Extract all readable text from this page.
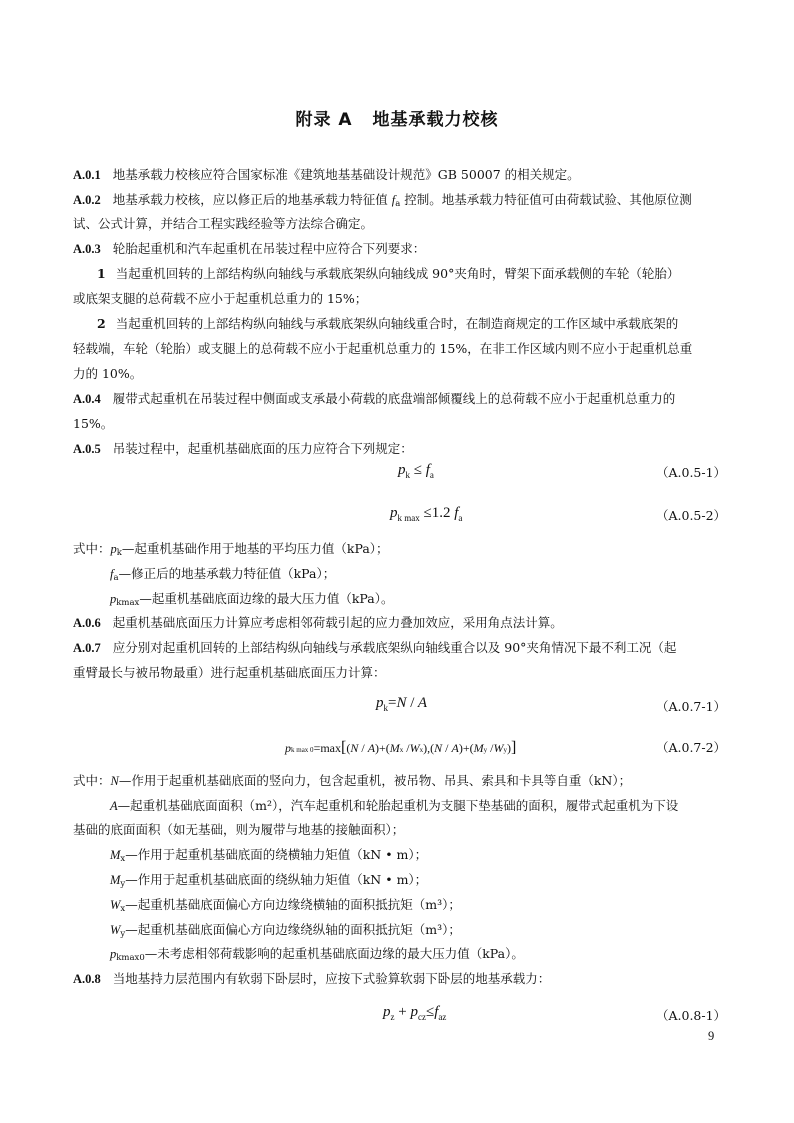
附录 A 地基承载力校核
A.0.1 地基承载力校核应符合国家标准《建筑地基基础设计规范》GB 50007 的相关规定。
A.0.2 地基承载力校核，应以修正后的地基承载力特征值 $f_a$ 控制。地基承载力特征值可由荷载试验、其他原位测
试、公式计算，并结合工程实践经验等方法综合确定。
A.0.3 轮胎起重机和汽车起重机在吊装过程中应符合下列要求：
1 当起重机回转的上部结构纵向轴线与承载底架纵向轴线成 90°夹角时，臂架下面承载侧的车轮（轮胎）
或底架支腿的总荷载不应小于起重机总重力的 15%；
2 当起重机回转的上部结构纵向轴线与承载底架纵向轴线重合时，在制造商规定的工作区域中承载底架的
轻载端，车轮（轮胎）或支腿上的总荷载不应小于起重机总重力的 15%，在非工作区域内则不应小于起重机总重
力的 10%。
A.0.4 履带式起重机在吊装过程中侧面或支承最小荷载的底盘端部倾覆线上的总荷载不应小于起重机总重力的
15%。
A.0.5 吊装过程中，起重机基础底面的压力应符合下列规定：
$p_k \le f_a$	（A.0.5-1）
$p_{k max} \le 1.2$ $f_a$	（A.0.5-2）
式中：$p_k—$起重机基础作用于地基的平均压力值（kPa）；
$f_a—$修正后的地基承载力特征值（kPa）；
$p_{kmax}—$起重机基础底面边缘的最大压力值（kPa）。
A.0.6 起重机基础底面压力计算应考虑相邻荷载引起的应力叠加效应，采用角点法计算。
A.0.7 应分别对起重机回转的上部结构纵向轴线与承载底架纵向轴线重合以及 90°夹角情况下最不利工况（起
重臂最长与被吊物最重）进行起重机基础底面压力计算：
$p_k=N / A$	（A.0.7-1）
pk max 0=max[(N / A)+(Mx /Wx),(N / A)+(My /Wy)]	（A.0.7-2）
式中：N—作用于起重机基础底面的竖向力，包含起重机，被吊物、吊具、索具和卡具等自重（kN）；
A—起重机基础底面面积（m²），汽车起重机和轮胎起重机为支腿下垫基础的面积，履带式起重机为下设
基础的底面面积（如无基础，则为履带与地基的接触面积）；
$M_x—$作用于起重机基础底面的绕横轴力矩值（kN • m）；
$M_y—$作用于起重机基础底面的绕纵轴力矩值（kN • m）；
$W_x—$起重机基础底面偏心方向边缘绕横轴的面积抵抗矩（m³）；
$W_y—$起重机基础底面偏心方向边缘绕纵轴的面积抵抗矩（m³）；
$p_{kmax0}—$未考虑相邻荷载影响的起重机基础底面边缘的最大压力值（kPa）。
A.0.8 当地基持力层范围内有软弱下卧层时，应按下式验算软弱下卧层的地基承载力：
$p_z + p_{cz}\le f_{az}$	（A.0.8-1）
9
